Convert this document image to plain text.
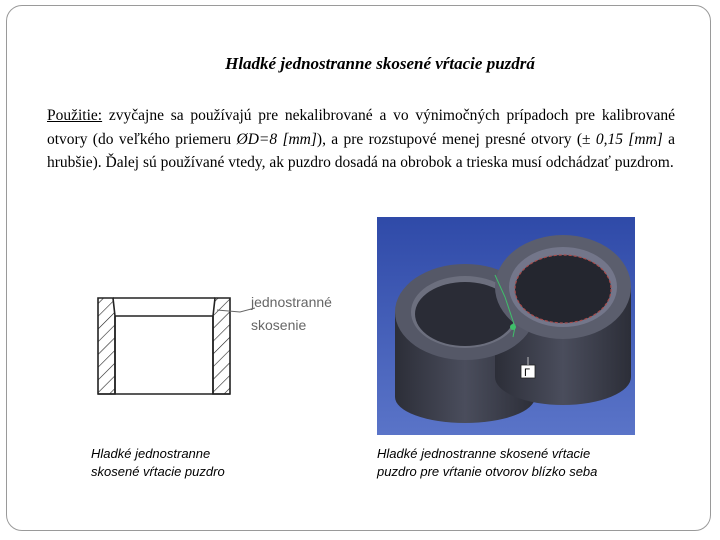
Hladké jednostranne skosené vŕtacie puzdrá
Použitie: zvyčajne sa používajú pre nekalibrované a vo výnimočných prípadoch pre kalibrované otvory (do veľkého priemeru ØD=8 [mm]), a pre rozstupové menej presné otvory (± 0,15 [mm] a hrubšie). Ďalej sú používané vtedy, ak puzdro dosadá na obrobok a trieska musí odchádzať puzdrom.
jednostranné
skosenie
Γ
Hladké jednostranne
skosené vŕtacie puzdro
Hladké jednostranne skosené vŕtacie
puzdro pre vŕtanie otvorov blízko seba
